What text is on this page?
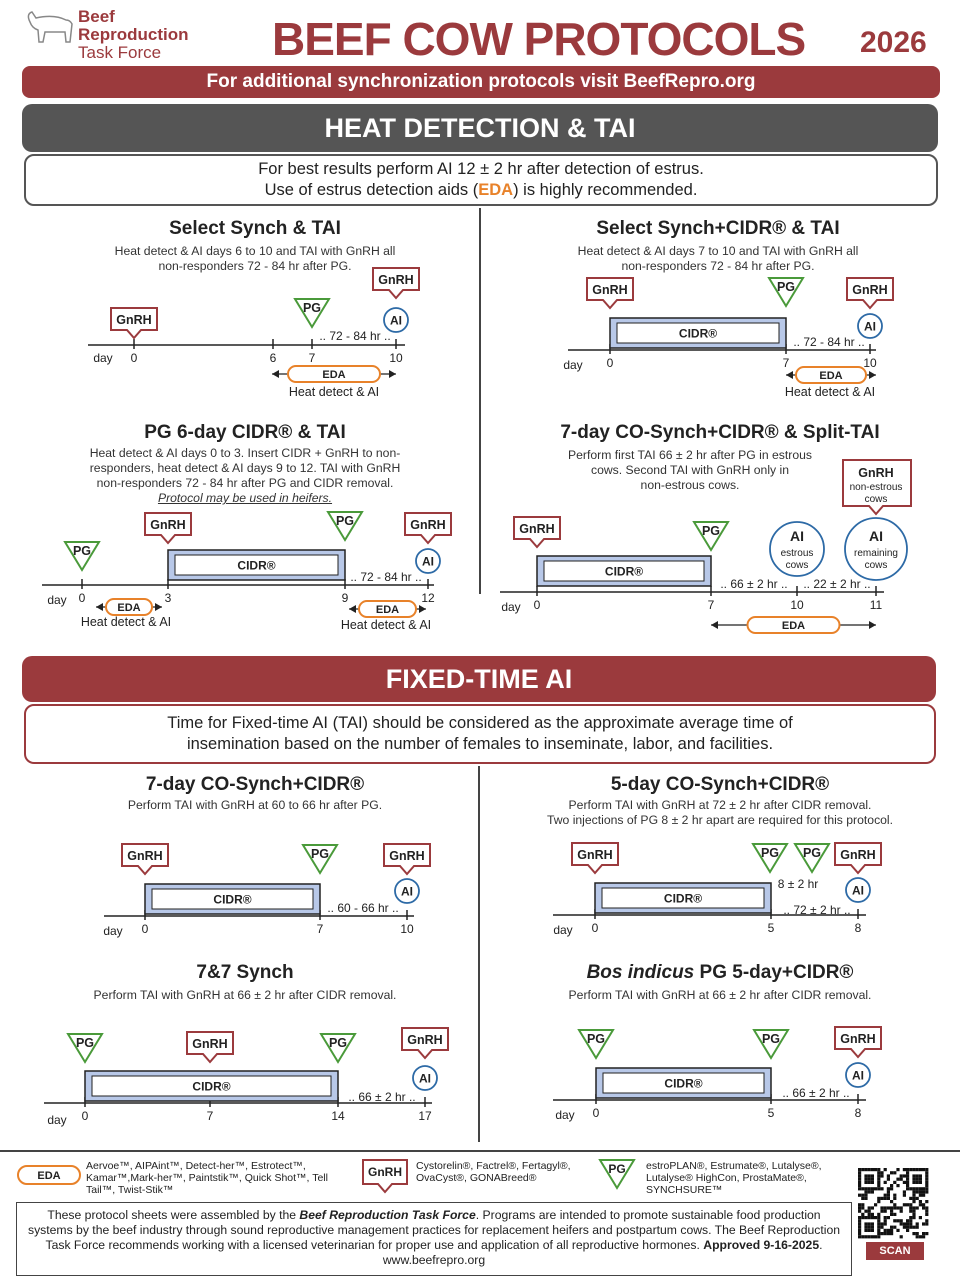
Beef
Reproduction
Task Force	BEEF COW PROTOCOLS 2026
For additional synchronization protocols visit BeefRepro.org
HEAT DETECTION & TAI
For best results perform AI 12 ± 2 hr after detection of estrus.
Use of estrus detection aids (EDA) is highly recommended.
FIXED-TIME AI
Time for Fixed-time AI (TAI) should be considered as the approximate average time of
insemination based on the number of females to inseminate, labor, and facilities.
Select Synch & TAI
Heat detect & AI days 6 to 10 and TAI with GnRH all
non-responders 72 - 84 hr after PG.
Select Synch+CIDR® & TAI
Heat detect & AI days 7 to 10 and TAI with GnRH all
non-responders 72 - 84 hr after PG.
PG 6-day CIDR® & TAI
Heat detect & AI days 0 to 3. Insert CIDR + GnRH to non-
responders, heat detect & AI days 9 to 12. TAI with GnRH
non-responders 72 - 84 hr after PG and CIDR removal.
Protocol may be used in heifers.
7-day CO-Synch+CIDR® & Split-TAI
Perform first TAI 66 ± 2 hr after PG in estrous
cows. Second TAI with GnRH only in
non-estrous cows.
7-day CO-Synch+CIDR®
Perform TAI with GnRH at 60 to 66 hr after PG.
5-day CO-Synch+CIDR®
Perform TAI with GnRH at 72 ± 2 hr after CIDR removal.
Two injections of PG 8 ± 2 hr apart are required for this protocol.
7&7 Synch
Perform TAI with GnRH at 66 ± 2 hr after CIDR removal.
Bos indicus PG 5-day+CIDR®
Perform TAI with GnRH at 66 ± 2 hr after CIDR removal.
day 0	6	7	10
GnRH
PG
GnRH
AI
.. 72 - 84 hr ..
EDA
Heat detect & AI
day 0	7	10
CIDR®
GnRH	PG	GnRH
AI
.. 72 - 84 hr ..
EDA
Heat detect & AI
day 0	3	9	12
CIDR®
PG
GnRH	PG	GnRH
AI
.. 72 - 84 hr ..
EDA
Heat detect & AI
EDA
Heat detect & AI
day 0	7	10	11
CIDR®
GnRH	PG	AI
estrous
cows
AI
remaining
cows
GnRH
non-estrous
cows
.. 66 ± 2 hr .. .. 22 ± 2 hr ..
EDA
day 0	7	10
CIDR®
GnRH	PG	GnRH
AI
.. 60 - 66 hr ..
day 0	5	8
CIDR®
GnRH	PG PG GnRH
AI
8 ± 2 hr
.. 72 ± 2 hr ..
day 0	7	14	17
CIDR®
PG	GnRH	PG	GnRH
AI
.. 66 ± 2 hr ..
day 0	5	8
CIDR®
PG	PG	GnRH
AI
.. 66 ± 2 hr ..
EDA	GnRH	PG
Aervoe™, AIPAint™, Detect-her™, Estrotect™, Kamar™,Mark-her™, Paintstik™, Quick Shot™, Tell Tail™, Twist-Stik™
Cystorelin®, Factrel®, Fertagyl®, OvaCyst®, GONABreed®
estroPLAN®, Estrumate®, Lutalyse®, Lutalyse® HighCon, ProstaMate®, SYNCHSURE™
These protocol sheets were assembled by the Beef Reproduction Task Force. Programs are intended to promote sustainable food production systems by the beef industry through sound reproductive management practices for replacement heifers and postpartum cows. The Beef Reproduction Task Force recommends working with a licensed veterinarian for proper use and application of all reproductive hormones. Approved 9-16-2025. www.beefrepro.org
SCAN
